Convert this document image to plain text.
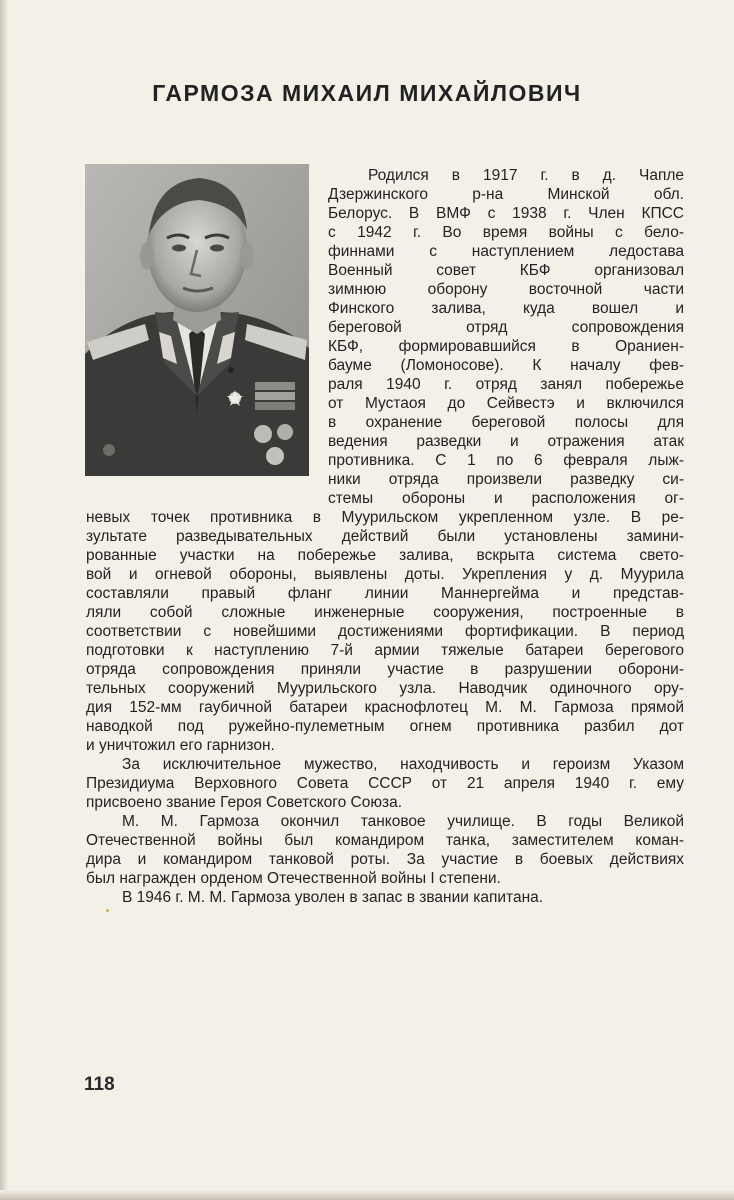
ГАРМОЗА МИХАИЛ МИХАЙЛОВИЧ
Родился в 1917 г. в д. Чапле
Дзержинского р-на Минской обл.
Белорус. В ВМФ с 1938 г. Член КПСС
с 1942 г. Во время войны с бело-
финнами с наступлением ледостава
Военный совет КБФ организовал
зимнюю оборону восточной части
Финского залива, куда вошел и
береговой отряд сопровождения
КБФ, формировавшийся в Ораниен-
бауме (Ломоносове). К началу фев-
раля 1940 г. отряд занял побережье
от Мустаоя до Сейвестэ и включился
в охранение береговой полосы для
ведения разведки и отражения атак
противника. С 1 по 6 февраля лыж-
ники отряда произвели разведку си-
стемы обороны и расположения ог-
невых точек противника в Муурильском укрепленном узле. В ре-
зультате разведывательных действий были установлены замини-
рованные участки на побережье залива, вскрыта система свето-
вой и огневой обороны, выявлены доты. Укрепления у д. Муурила
составляли правый фланг линии Маннергейма и представ-
ляли собой сложные инженерные сооружения, построенные в
соответствии с новейшими достижениями фортификации. В период
подготовки к наступлению 7-й армии тяжелые батареи берегового
отряда сопровождения приняли участие в разрушении оборони-
тельных сооружений Муурильского узла. Наводчик одиночного ору-
дия 152-мм гаубичной батареи краснофлотец М. М. Гармоза прямой
наводкой под ружейно-пулеметным огнем противника разбил дот
и уничтожил его гарнизон.
За исключительное мужество, находчивость и героизм Указом
Президиума Верховного Совета СССР от 21 апреля 1940 г. ему
присвоено звание Героя Советского Союза.
М. М. Гармоза окончил танковое училище. В годы Великой
Отечественной войны был командиром танка, заместителем коман-
дира и командиром танковой роты. За участие в боевых действиях
был награжден орденом Отечественной войны I степени.
В 1946 г. М. М. Гармоза уволен в запас в звании капитана.
118
